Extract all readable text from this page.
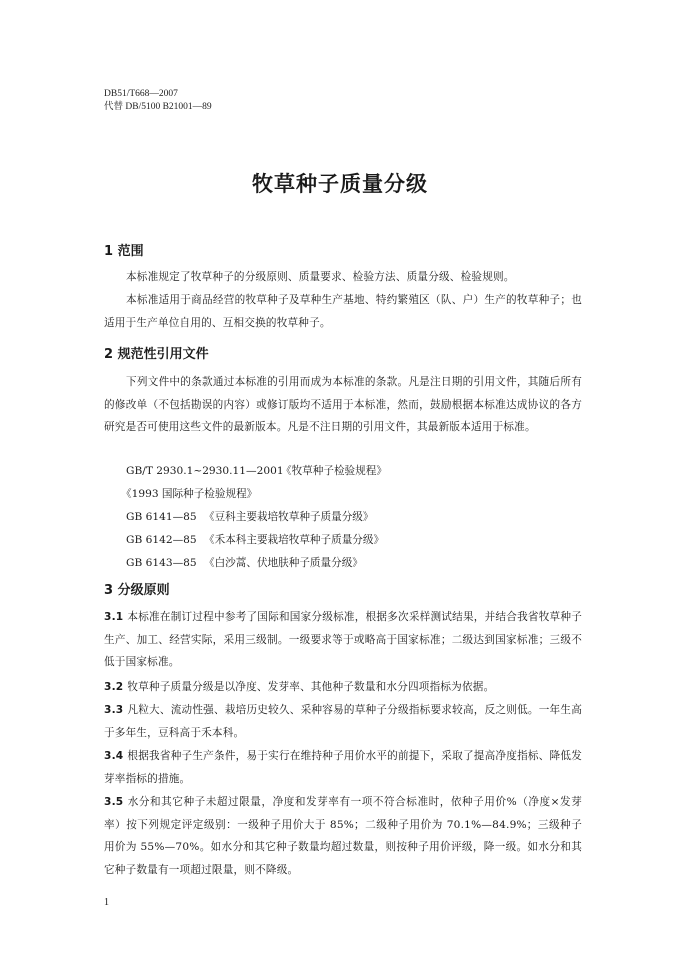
DB51/T668—2007
代替 DB/5100 B21001—89
牧草种子质量分级
1 范围
本标准规定了牧草种子的分级原则、质量要求、检验方法、质量分级、检验规则。
本标准适用于商品经营的牧草种子及草种生产基地、特约繁殖区（队、户）生产的牧草种子；也适用于生产单位自用的、互相交换的牧草种子。
2 规范性引用文件
下列文件中的条款通过本标准的引用而成为本标准的条款。凡是注日期的引用文件，其随后所有的修改单（不包括勘误的内容）或修订版均不适用于本标准，然而，鼓励根据本标准达成协议的各方研究是否可使用这些文件的最新版本。凡是不注日期的引用文件，其最新版本适用于标准。
GB/T 2930.1~2930.11—2001《牧草种子检验规程》
《1993 国际种子检验规程》
GB 6141—85 《豆科主要栽培牧草种子质量分级》
GB 6142—85 《禾本科主要栽培牧草种子质量分级》
GB 6143—85 《白沙蒿、伏地肤种子质量分级》
3 分级原则
3.1 本标准在制订过程中参考了国际和国家分级标准，根据多次采样测试结果，并结合我省牧草种子生产、加工、经营实际，采用三级制。一级要求等于或略高于国家标准；二级达到国家标准；三级不低于国家标准。
3.2 牧草种子质量分级是以净度、发芽率、其他种子数量和水分四项指标为依据。
3.3 凡粒大、流动性强、栽培历史较久、采种容易的草种子分级指标要求较高，反之则低。一年生高于多年生，豆科高于禾本科。
3.4 根据我省种子生产条件，易于实行在维持种子用价水平的前提下，采取了提高净度指标、降低发芽率指标的措施。
3.5 水分和其它种子未超过限量，净度和发芽率有一项不符合标准时，依种子用价%（净度×发芽率）按下列规定评定级别：一级种子用价大于 85%；二级种子用价为 70.1%—84.9%；三级种子用价为 55%—70%。如水分和其它种子数量均超过数量，则按种子用价评级，降一级。如水分和其它种子数量有一项超过限量，则不降级。
1
